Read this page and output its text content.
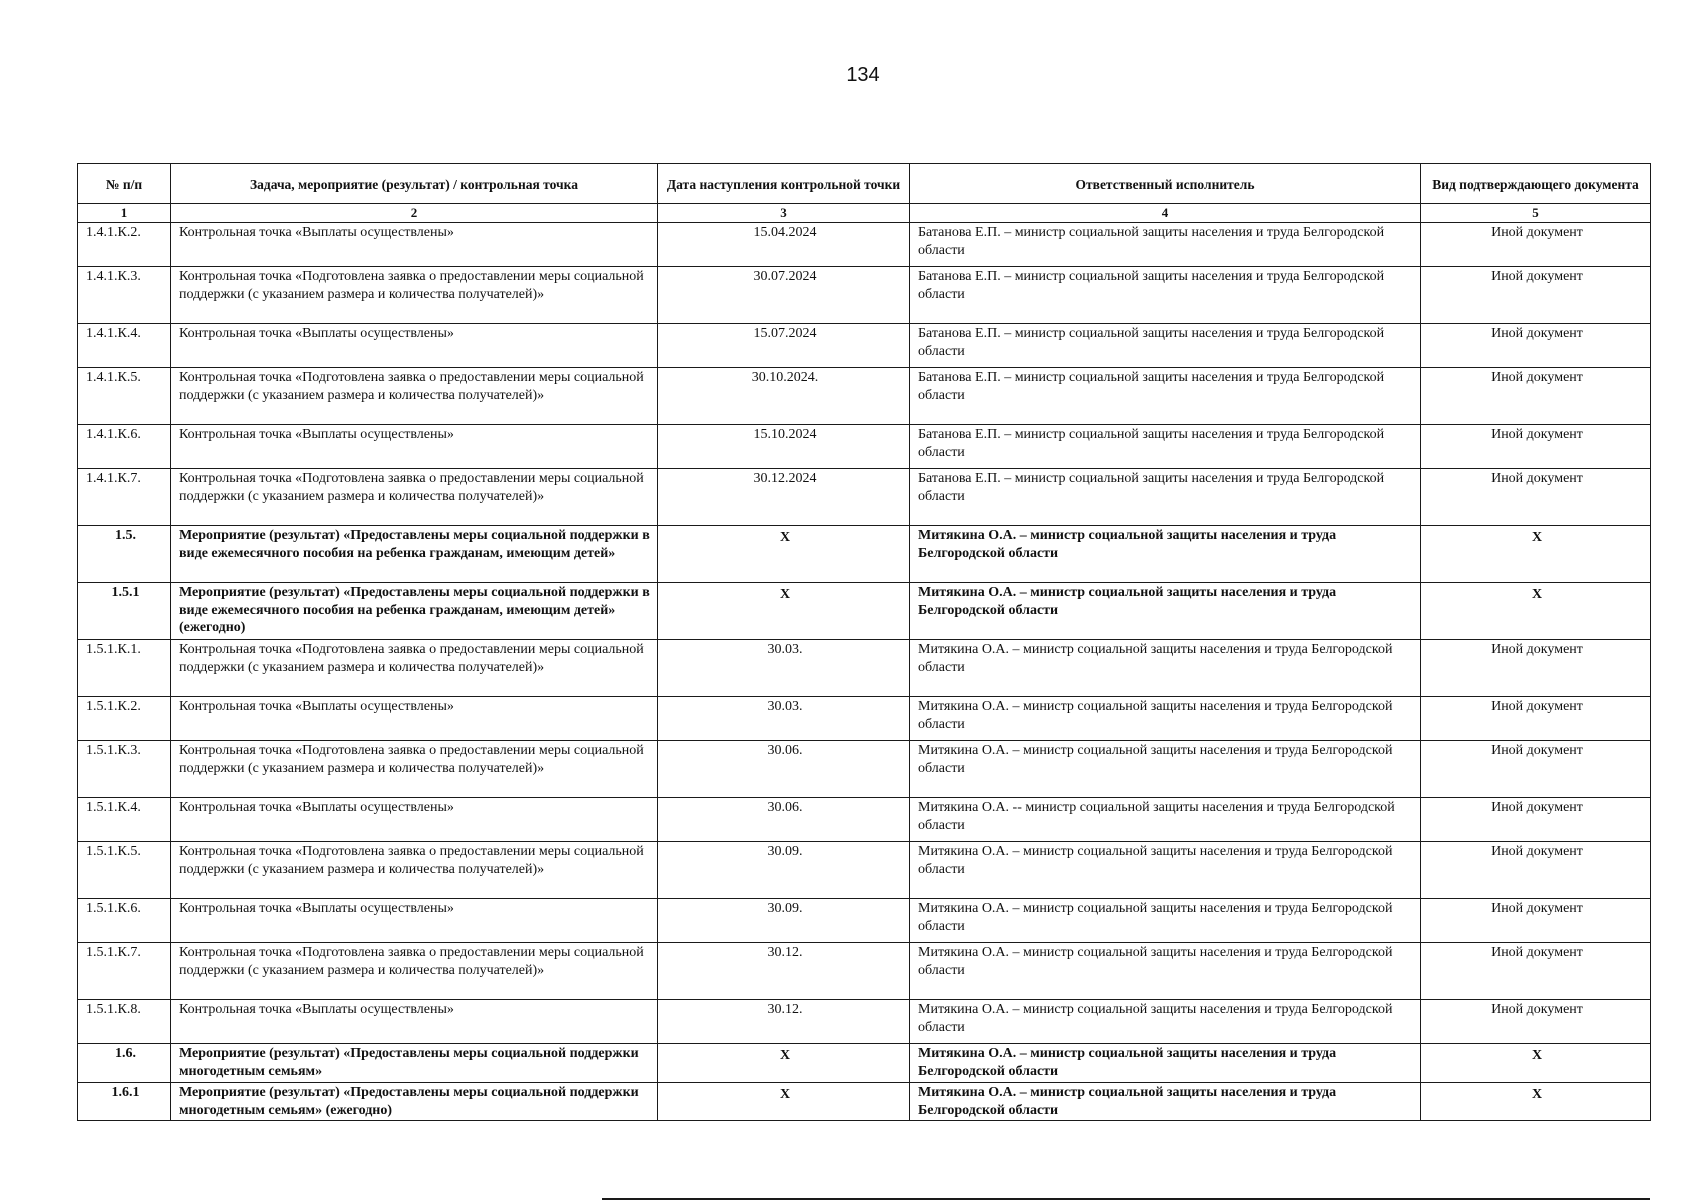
134
№ п/п	Задача, мероприятие (результат) / контрольная точка	Дата наступления контрольной точки	Ответственный исполнитель	Вид подтверждающего документа
1	2	3	4	5
1.4.1.К.2.	Контрольная точка «Выплаты осуществлены»	15.04.2024	Батанова Е.П. – министр социальной защиты населения и труда Белгородской области	Иной документ
1.4.1.К.3.	Контрольная точка «Подготовлена заявка о предоставлении меры социальной поддержки (с указанием размера и количества получателей)»	30.07.2024	Батанова Е.П. – министр социальной защиты населения и труда Белгородской области	Иной документ
1.4.1.К.4.	Контрольная точка «Выплаты осуществлены»	15.07.2024	Батанова Е.П. – министр социальной защиты населения и труда Белгородской области	Иной документ
1.4.1.К.5.	Контрольная точка «Подготовлена заявка о предоставлении меры социальной поддержки (с указанием размера и количества получателей)»	30.10.2024.	Батанова Е.П. – министр социальной защиты населения и труда Белгородской области	Иной документ
1.4.1.К.6.	Контрольная точка «Выплаты осуществлены»	15.10.2024	Батанова Е.П. – министр социальной защиты населения и труда Белгородской области	Иной документ
1.4.1.К.7.	Контрольная точка «Подготовлена заявка о предоставлении меры социальной поддержки (с указанием размера и количества получателей)»	30.12.2024	Батанова Е.П. – министр социальной защиты населения и труда Белгородской области	Иной документ
1.5.	Мероприятие (результат) «Предоставлены меры социальной поддержки в виде ежемесячного пособия на ребенка гражданам, имеющим детей»	Х	Митякина О.А. – министр социальной защиты населения и труда Белгородской области	Х
1.5.1	Мероприятие (результат) «Предоставлены меры социальной поддержки в виде ежемесячного пособия на ребенка гражданам, имеющим детей» (ежегодно)	Х	Митякина О.А. – министр социальной защиты населения и труда Белгородской области	Х
1.5.1.К.1.	Контрольная точка «Подготовлена заявка о предоставлении меры социальной поддержки (с указанием размера и количества получателей)»	30.03.	Митякина О.А. – министр социальной защиты населения и труда Белгородской области	Иной документ
1.5.1.К.2.	Контрольная точка «Выплаты осуществлены»	30.03.	Митякина О.А. – министр социальной защиты населения и труда Белгородской области	Иной документ
1.5.1.К.3.	Контрольная точка «Подготовлена заявка о предоставлении меры социальной поддержки (с указанием размера и количества получателей)»	30.06.	Митякина О.А. – министр социальной защиты населения и труда Белгородской области	Иной документ
1.5.1.К.4.	Контрольная точка «Выплаты осуществлены»	30.06.	Митякина О.А. -- министр социальной защиты населения и труда Белгородской области	Иной документ
1.5.1.К.5.	Контрольная точка «Подготовлена заявка о предоставлении меры социальной поддержки (с указанием размера и количества получателей)»	30.09.	Митякина О.А. – министр социальной защиты населения и труда Белгородской области	Иной документ
1.5.1.К.6.	Контрольная точка «Выплаты осуществлены»	30.09.	Митякина О.А. – министр социальной защиты населения и труда Белгородской области	Иной документ
1.5.1.К.7.	Контрольная точка «Подготовлена заявка о предоставлении меры социальной поддержки (с указанием размера и количества получателей)»	30.12.	Митякина О.А. – министр социальной защиты населения и труда Белгородской области	Иной документ
1.5.1.К.8.	Контрольная точка «Выплаты осуществлены»	30.12.	Митякина О.А. – министр социальной защиты населения и труда Белгородской области	Иной документ
1.6.	Мероприятие (результат) «Предоставлены меры социальной поддержки многодетным семьям»	Х	Митякина О.А. – министр социальной защиты населения и труда Белгородской области	Х
1.6.1	Мероприятие (результат) «Предоставлены меры социальной поддержки многодетным семьям» (ежегодно)	Х	Митякина О.А. – министр социальной защиты населения и труда Белгородской области	Х
